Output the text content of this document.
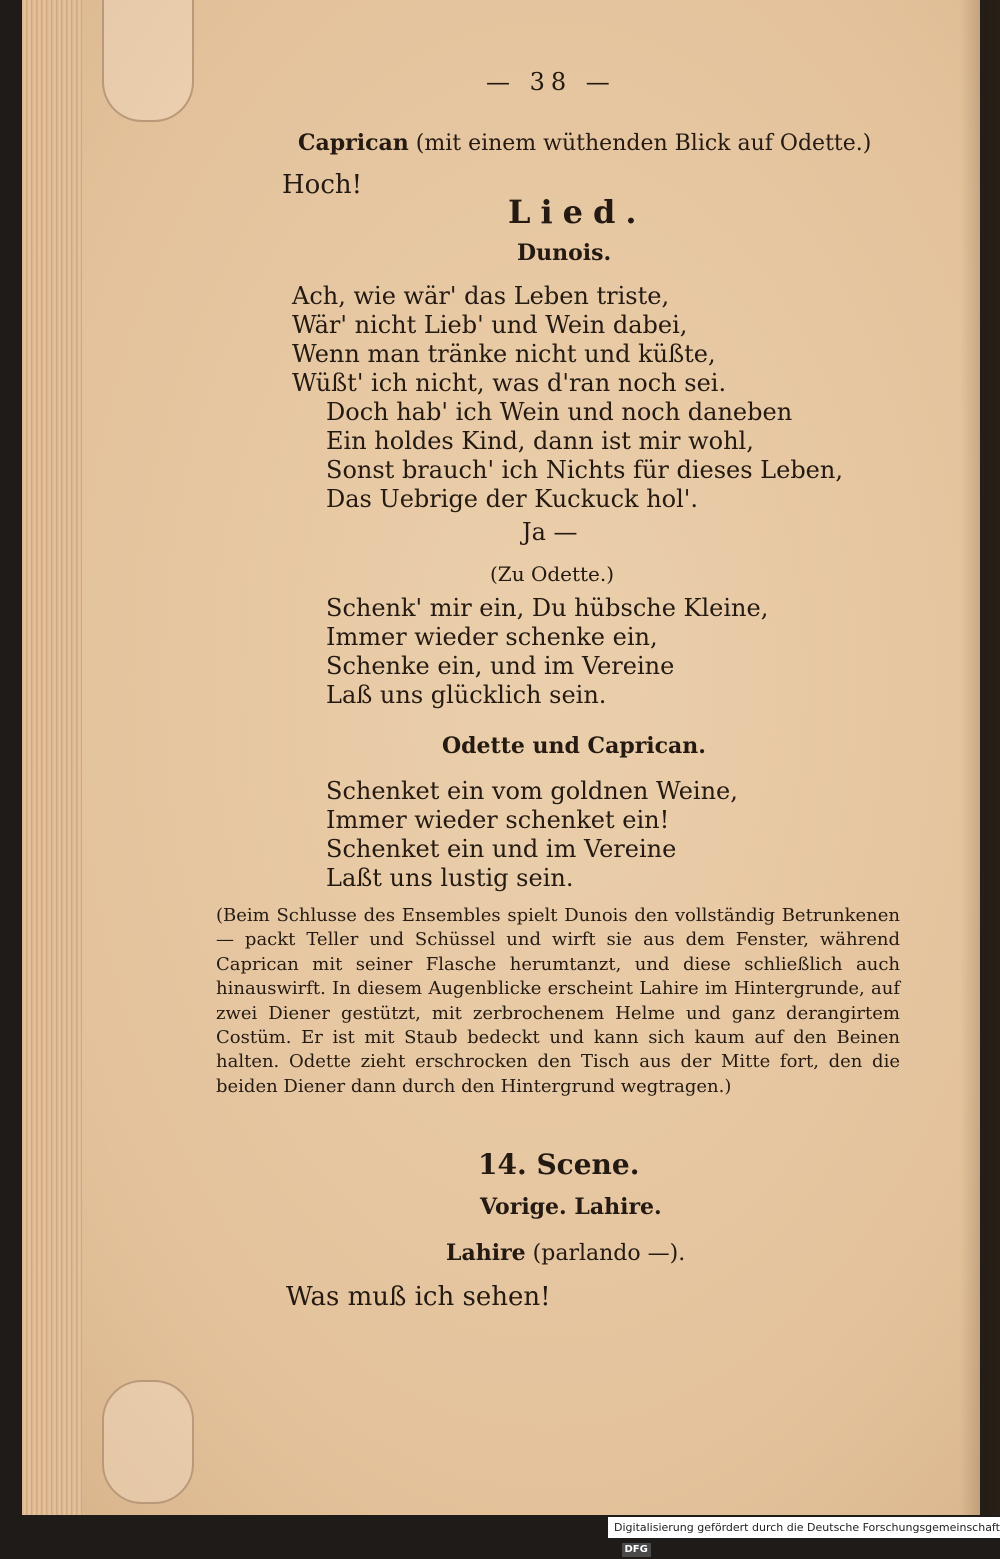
— 38 —
Caprican (mit einem wüthenden Blick auf Odette.)
Hoch!
Lied.
Dunois.
Ach, wie wär' das Leben triste,
Wär' nicht Lieb' und Wein dabei,
Wenn man tränke nicht und küßte,
Wüßt' ich nicht, was d'ran noch sei.
Doch hab' ich Wein und noch daneben
Ein holdes Kind, dann ist mir wohl,
Sonst brauch' ich Nichts für dieses Leben,
Das Uebrige der Kuckuck hol'.
Ja —
(Zu Odette.)
Schenk' mir ein, Du hübsche Kleine,
Immer wieder schenke ein,
Schenke ein, und im Vereine
Laß uns glücklich sein.
Odette und Caprican.
Schenket ein vom goldnen Weine,
Immer wieder schenket ein!
Schenket ein und im Vereine
Laßt uns lustig sein.

(Beim Schlusse des Ensembles spielt Dunois den vollständig Betrunkenen — packt Teller und Schüssel und wirft sie aus dem Fenster, während Caprican mit seiner Flasche herumtanzt, und diese schließlich auch hinauswirft. In diesem Augenblicke erscheint Lahire im Hintergrunde, auf zwei Diener gestützt, mit zerbrochenem Helme und ganz derangirtem Costüm. Er ist mit Staub bedeckt und kann sich kaum auf den Beinen halten. Odette zieht erschrocken den Tisch aus der Mitte fort, den die beiden Diener dann durch den Hintergrund wegtragen.)

14. Scene.
Vorige. Lahire.
Lahire (parlando —).
Was muß ich sehen!
Digitalisierung gefördert durch die Deutsche Forschungsgemeinschaft · DFG
